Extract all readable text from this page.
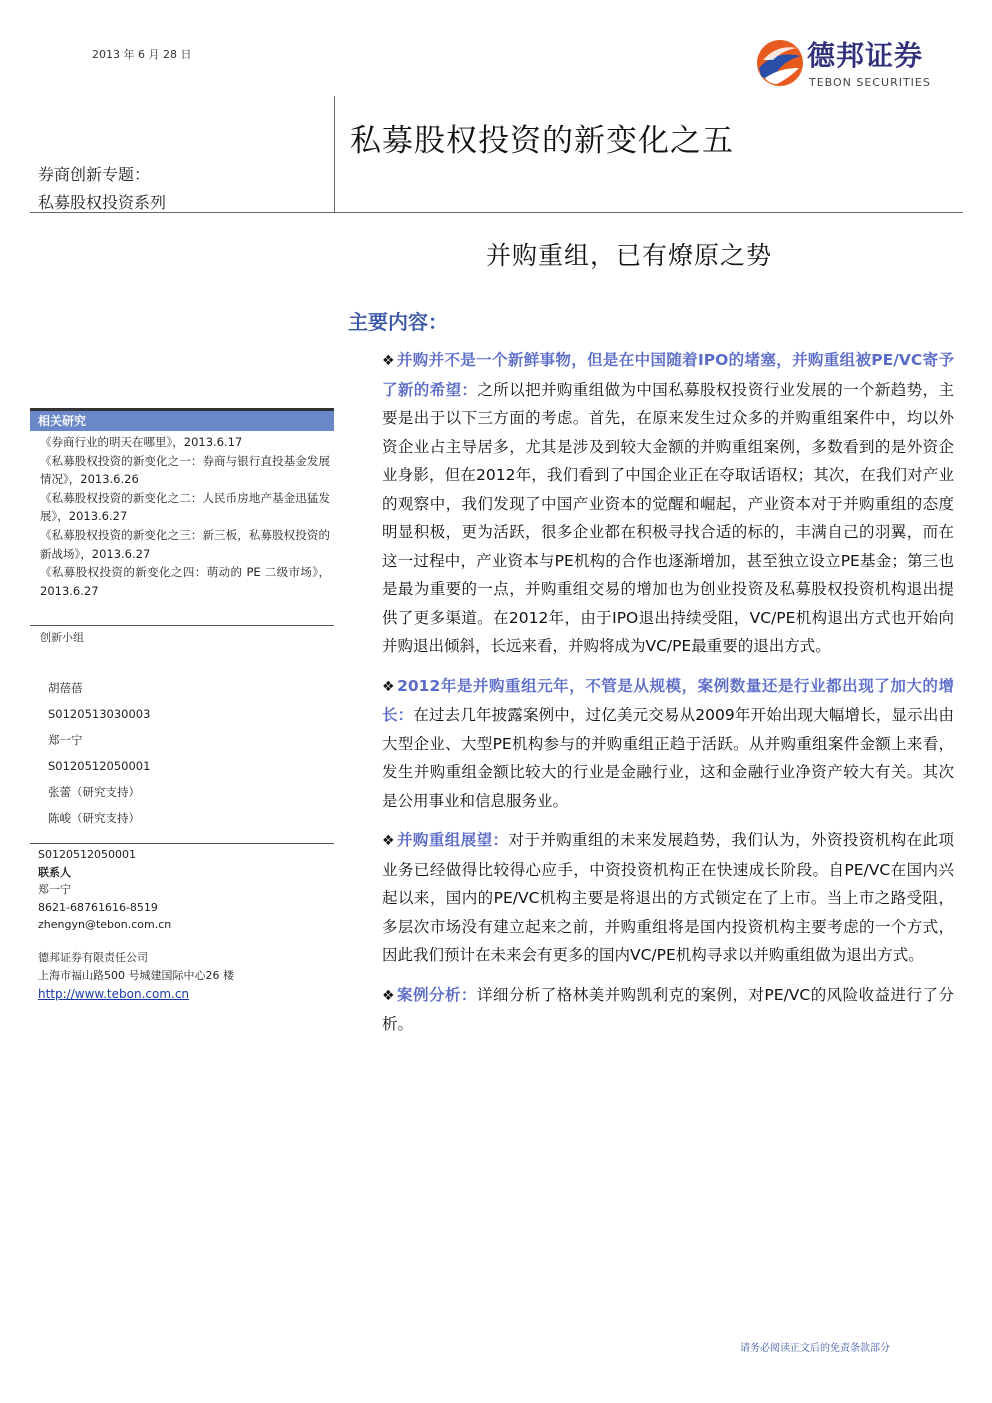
2013 年 6 月 28 日	德邦证券
TEBON SECURITIES
私募股权投资的新变化之五
券商创新专题：
私募股权投资系列
并购重组，已有燎原之势
主要内容：

❖ 并购并不是一个新鲜事物，但是在中国随着IPO的堵塞，并购重组被PE/VC寄予了新的希望：之所以把并购重组做为中国私募股权投资行业发展的一个新趋势，主要是出于以下三方面的考虑。首先，在原来发生过众多的并购重组案件中，均以外资企业占主导居多，尤其是涉及到较大金额的并购重组案例，多数看到的是外资企业身影，但在2012年，我们看到了中国企业正在夺取话语权；其次，在我们对产业的观察中，我们发现了中国产业资本的觉醒和崛起，产业资本对于并购重组的态度明显积极，更为活跃，很多企业都在积极寻找合适的标的，丰满自己的羽翼，而在这一过程中，产业资本与PE机构的合作也逐渐增加，甚至独立设立PE基金；第三也是最为重要的一点，并购重组交易的增加也为创业投资及私募股权投资机构退出提供了更多渠道。在2012年，由于IPO退出持续受阻，VC/PE机构退出方式也开始向并购退出倾斜，长远来看，并购将成为VC/PE最重要的退出方式。

❖ 2012年是并购重组元年，不管是从规模，案例数量还是行业都出现了加大的增长：在过去几年披露案例中，过亿美元交易从2009年开始出现大幅增长，显示出由大型企业、大型PE机构参与的并购重组正趋于活跃。从并购重组案件金额上来看，发生并购重组金额比较大的行业是金融行业，这和金融行业净资产较大有关。其次是公用事业和信息服务业。

❖ 并购重组展望：对于并购重组的未来发展趋势，我们认为，外资投资机构在此项业务已经做得比较得心应手，中资投资机构正在快速成长阶段。自PE/VC在国内兴起以来，国内的PE/VC机构主要是将退出的方式锁定在了上市。当上市之路受阻，多层次市场没有建立起来之前，并购重组将是国内投资机构主要考虑的一个方式，因此我们预计在未来会有更多的国内VC/PE机构寻求以并购重组做为退出方式。

❖ 案例分析：详细分析了格林美并购凯利克的案例，对PE/VC的风险收益进行了分析。

相关研究
《券商行业的明天在哪里》，2013.6.17
《私募股权投资的新变化之一：券商与银行直投基金发展情况》，2013.6.26
《私募股权投资的新变化之二：人民币房地产基金迅猛发展》，2013.6.27
《私募股权投资的新变化之三：新三板，私募股权投资的新战场》，2013.6.27
《私募股权投资的新变化之四：萌动的 PE 二级市场》，2013.6.27
创新小组
胡蓓蓓
S0120513030003
郑一宁
S0120512050001
张蕾（研究支持）
陈峻（研究支持）
S0120512050001
联系人
郑一宁
8621-68761616-8519
zhengyn@tebon.com.cn
德邦证券有限责任公司
上海市福山路500 号城建国际中心26 楼
http://www.tebon.com.cn
请务必阅读正文后的免责条款部分
